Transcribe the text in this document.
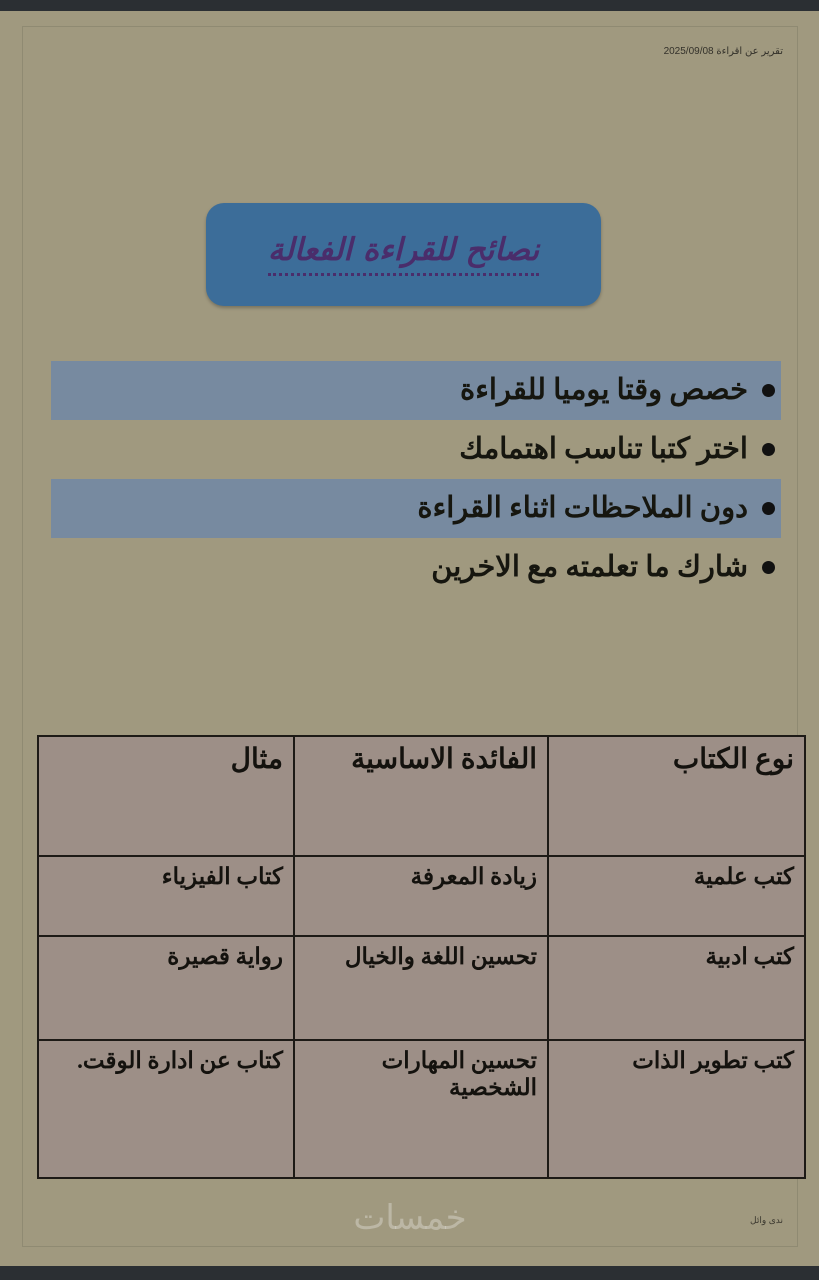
تقرير عن اقراءة 2025/09/08
نصائح للقراءة الفعالة
خصص وقتا يوميا للقراءة
اختر كتبا تناسب اهتمامك
دون الملاحظات اثناء القراءة
شارك ما تعلمته مع الاخرين
نوع الكتاب	الفائدة الاساسية	مثال
كتب علمية	زيادة المعرفة	كتاب الفيزياء
كتب ادبية	تحسين اللغة والخيال	رواية قصيرة
كتب تطوير الذات	تحسين المهارات الشخصية	كتاب عن ادارة الوقت.
ندى وائل
خمسات
